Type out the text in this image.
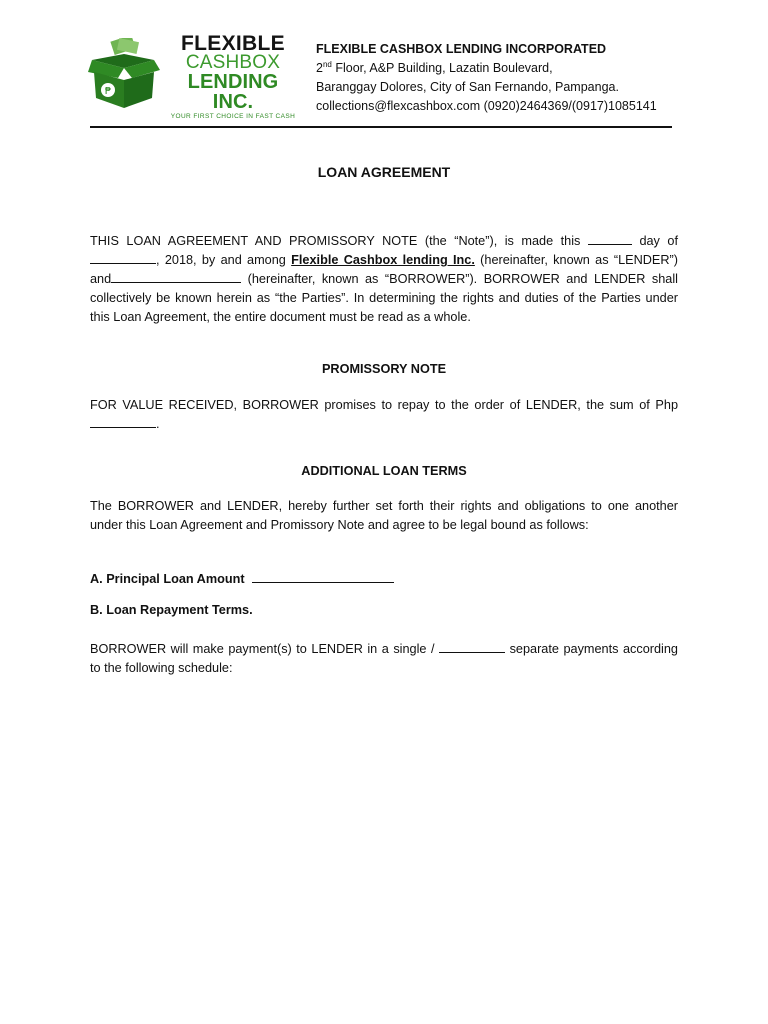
₱
FLEXIBLE
CASHBOX
LENDING INC.
YOUR FIRST CHOICE IN FAST CASH
FLEXIBLE CASHBOX LENDING INCORPORATED
2nd Floor, A&P Building, Lazatin Boulevard,
Baranggay Dolores, City of San Fernando, Pampanga.
collections@flexcashbox.com (0920)2464369/(0917)1085141
LOAN AGREEMENT
THIS LOAN AGREEMENT AND PROMISSORY NOTE (the “Note”), is made this	day of , 2018, by and among Flexible Cashbox lending Inc. (hereinafter, known as “LENDER”) and	(hereinafter, known as “BORROWER”). BORROWER and LENDER shall collectively be known herein as “the Parties”. In determining the rights and duties of the Parties under this Loan Agreement, the entire document must be read as a whole.
PROMISSORY NOTE
FOR VALUE RECEIVED, BORROWER promises to repay to the order of LENDER, the sum of Php .
ADDITIONAL LOAN TERMS
The BORROWER and LENDER, hereby further set forth their rights and obligations to one another under this Loan Agreement and Promissory Note and agree to be legal bound as follows:
A. Principal Loan Amount
B. Loan Repayment Terms.
BORROWER will make payment(s) to LENDER in a single /	separate payments according to the following schedule:
